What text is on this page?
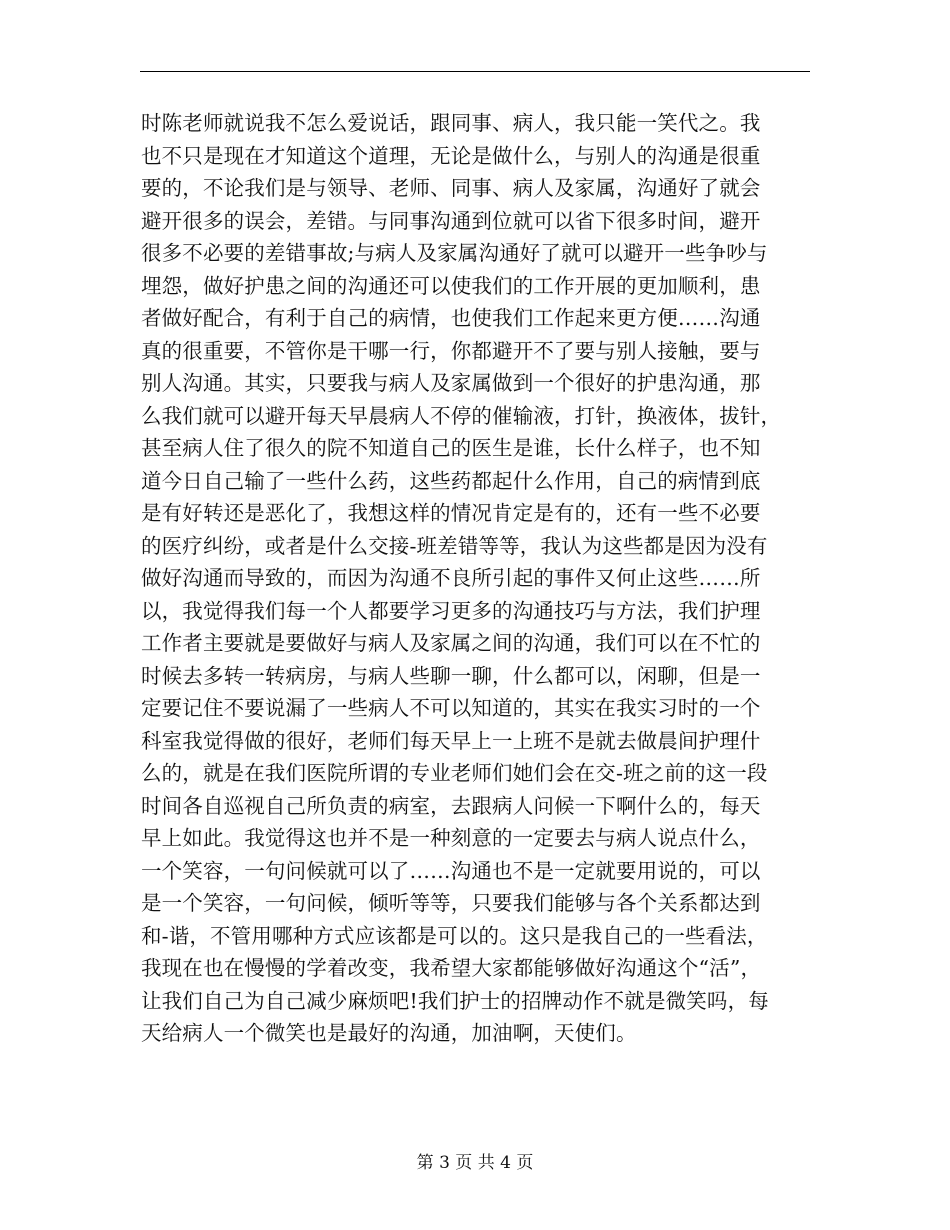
时陈老师就说我不怎么爱说话，跟同事、病人，我只能一笑代之。我
也不只是现在才知道这个道理，无论是做什么，与别人的沟通是很重
要的，不论我们是与领导、老师、同事、病人及家属，沟通好了就会
避开很多的误会，差错。与同事沟通到位就可以省下很多时间，避开
很多不必要的差错事故;与病人及家属沟通好了就可以避开一些争吵与
埋怨，做好护患之间的沟通还可以使我们的工作开展的更加顺利，患
者做好配合，有利于自己的病情，也使我们工作起来更方便……沟通
真的很重要，不管你是干哪一行，你都避开不了要与别人接触，要与
别人沟通。其实，只要我与病人及家属做到一个很好的护患沟通，那
么我们就可以避开每天早晨病人不停的催输液，打针，换液体，拔针，
甚至病人住了很久的院不知道自己的医生是谁，长什么样子，也不知
道今日自己输了一些什么药，这些药都起什么作用，自己的病情到底
是有好转还是恶化了，我想这样的情况肯定是有的，还有一些不必要
的医疗纠纷，或者是什么交接-班差错等等，我认为这些都是因为没有
做好沟通而导致的，而因为沟通不良所引起的事件又何止这些……所
以，我觉得我们每一个人都要学习更多的沟通技巧与方法，我们护理
工作者主要就是要做好与病人及家属之间的沟通，我们可以在不忙的
时候去多转一转病房，与病人些聊一聊，什么都可以，闲聊，但是一
定要记住不要说漏了一些病人不可以知道的，其实在我实习时的一个
科室我觉得做的很好，老师们每天早上一上班不是就去做晨间护理什
么的，就是在我们医院所谓的专业老师们她们会在交-班之前的这一段
时间各自巡视自己所负责的病室，去跟病人问候一下啊什么的，每天
早上如此。我觉得这也并不是一种刻意的一定要去与病人说点什么，
一个笑容，一句问候就可以了……沟通也不是一定就要用说的，可以
是一个笑容，一句问候，倾听等等，只要我们能够与各个关系都达到
和-谐，不管用哪种方式应该都是可以的。这只是我自己的一些看法，
我现在也在慢慢的学着改变，我希望大家都能够做好沟通这个“活”，
让我们自己为自己减少麻烦吧!我们护士的招牌动作不就是微笑吗，每
天给病人一个微笑也是最好的沟通，加油啊，天使们。
第 3 页 共 4 页
